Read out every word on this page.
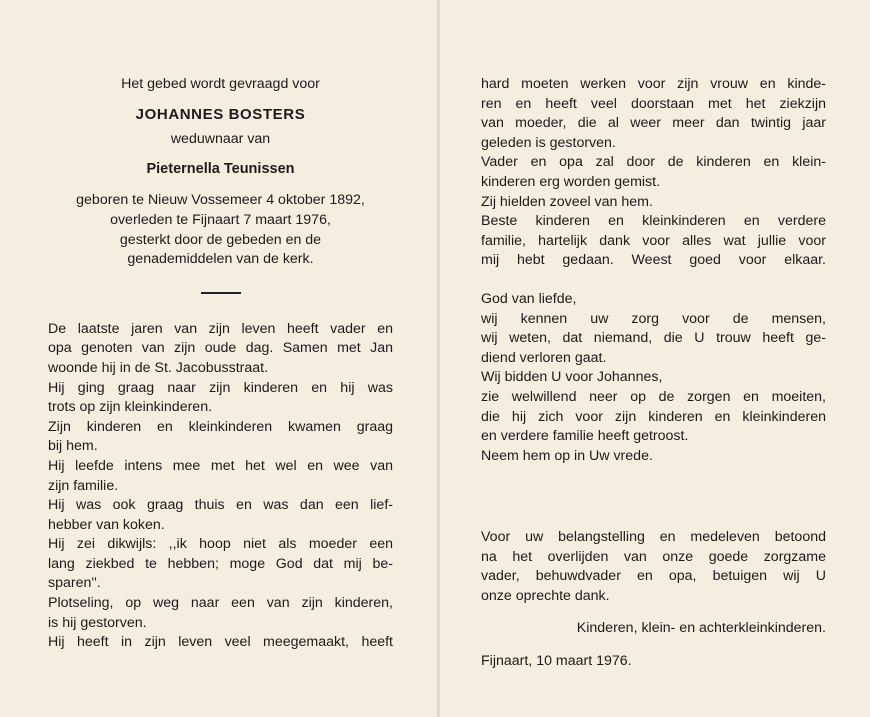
Het gebed wordt gevraagd voor

JOHANNES BOSTERS

weduwnaar van

Pieternella Teunissen

geboren te Nieuw Vossemeer 4 oktober 1892,

overleden te Fijnaart 7 maart 1976,

gesterkt door de gebeden en de

genademiddelen van de kerk.

De laatste jaren van zijn leven heeft vader en
opa genoten van zijn oude dag. Samen met Jan
woonde hij in de St. Jacobusstraat.
Hij ging graag naar zijn kinderen en hij was
trots op zijn kleinkinderen.
Zijn kinderen en kleinkinderen kwamen graag
bij hem.
Hij leefde intens mee met het wel en wee van
zijn familie.
Hij was ook graag thuis en was dan een lief-
hebber van koken.
Hij zei dikwijls: ,,ik hoop niet als moeder een
lang ziekbed te hebben; moge God dat mij be-
sparen''.
Plotseling, op weg naar een van zijn kinderen,
is hij gestorven.
Hij heeft in zijn leven veel meegemaakt, heeft
hard moeten werken voor zijn vrouw en kinde-
ren en heeft veel doorstaan met het ziekzijn
van moeder, die al weer meer dan twintig jaar
geleden is gestorven.
Vader en opa zal door de kinderen en klein-
kinderen erg worden gemist.
Zij hielden zoveel van hem.
Beste kinderen en kleinkinderen en verdere
familie, hartelijk dank voor alles wat jullie voor
mij hebt gedaan. Weest goed voor elkaar.
God van liefde,
wij kennen uw zorg voor de mensen,
wij weten, dat niemand, die U trouw heeft ge-
diend verloren gaat.
Wij bidden U voor Johannes,
zie welwillend neer op de zorgen en moeiten,
die hij zich voor zijn kinderen en kleinkinderen
en verdere familie heeft getroost.
Neem hem op in Uw vrede.
Voor uw belangstelling en medeleven betoond
na het overlijden van onze goede zorgzame
vader, behuwdvader en opa, betuigen wij U
onze oprechte dank.

Kinderen, klein- en achterkleinkinderen.

Fijnaart, 10 maart 1976.
